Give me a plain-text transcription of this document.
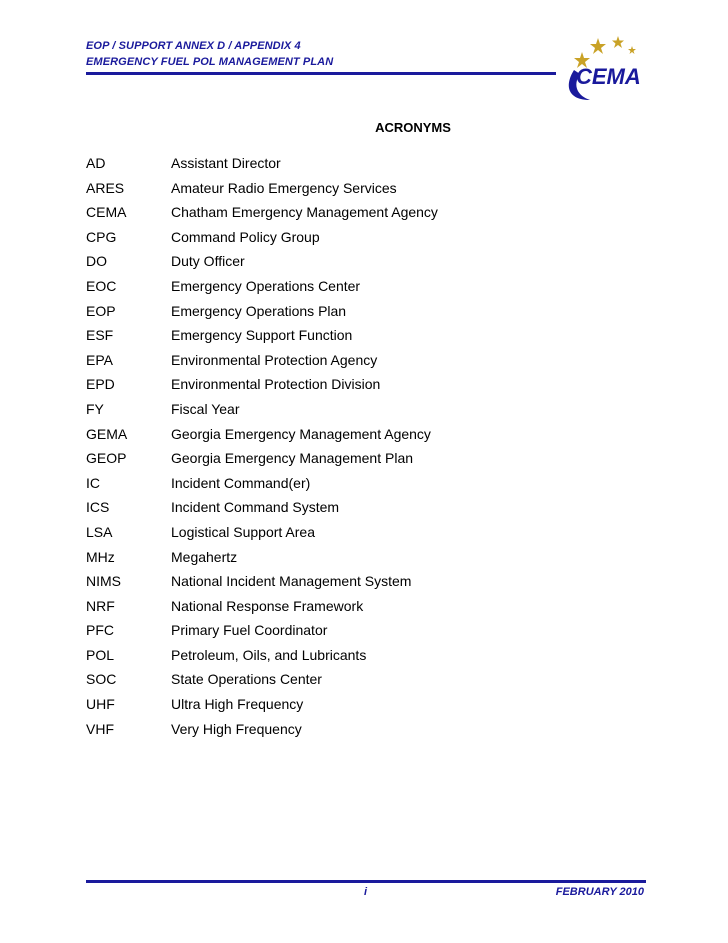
EOP / SUPPORT ANNEX D / APPENDIX 4
EMERGENCY FUEL POL MANAGEMENT PLAN
CEMA
ACRONYMS
AD	Assistant Director
ARES	Amateur Radio Emergency Services
CEMA	Chatham Emergency Management Agency
CPG	Command Policy Group
DO	Duty Officer
EOC	Emergency Operations Center
EOP	Emergency Operations Plan
ESF	Emergency Support Function
EPA	Environmental Protection Agency
EPD	Environmental Protection Division
FY	Fiscal Year
GEMA	Georgia Emergency Management Agency
GEOP	Georgia Emergency Management Plan
IC	Incident Command(er)
ICS	Incident Command System
LSA	Logistical Support Area
MHz	Megahertz
NIMS	National Incident Management System
NRF	National Response Framework
PFC	Primary Fuel Coordinator
POL	Petroleum, Oils, and Lubricants
SOC	State Operations Center
UHF	Ultra High Frequency
VHF	Very High Frequency
i	FEBRUARY 2010
